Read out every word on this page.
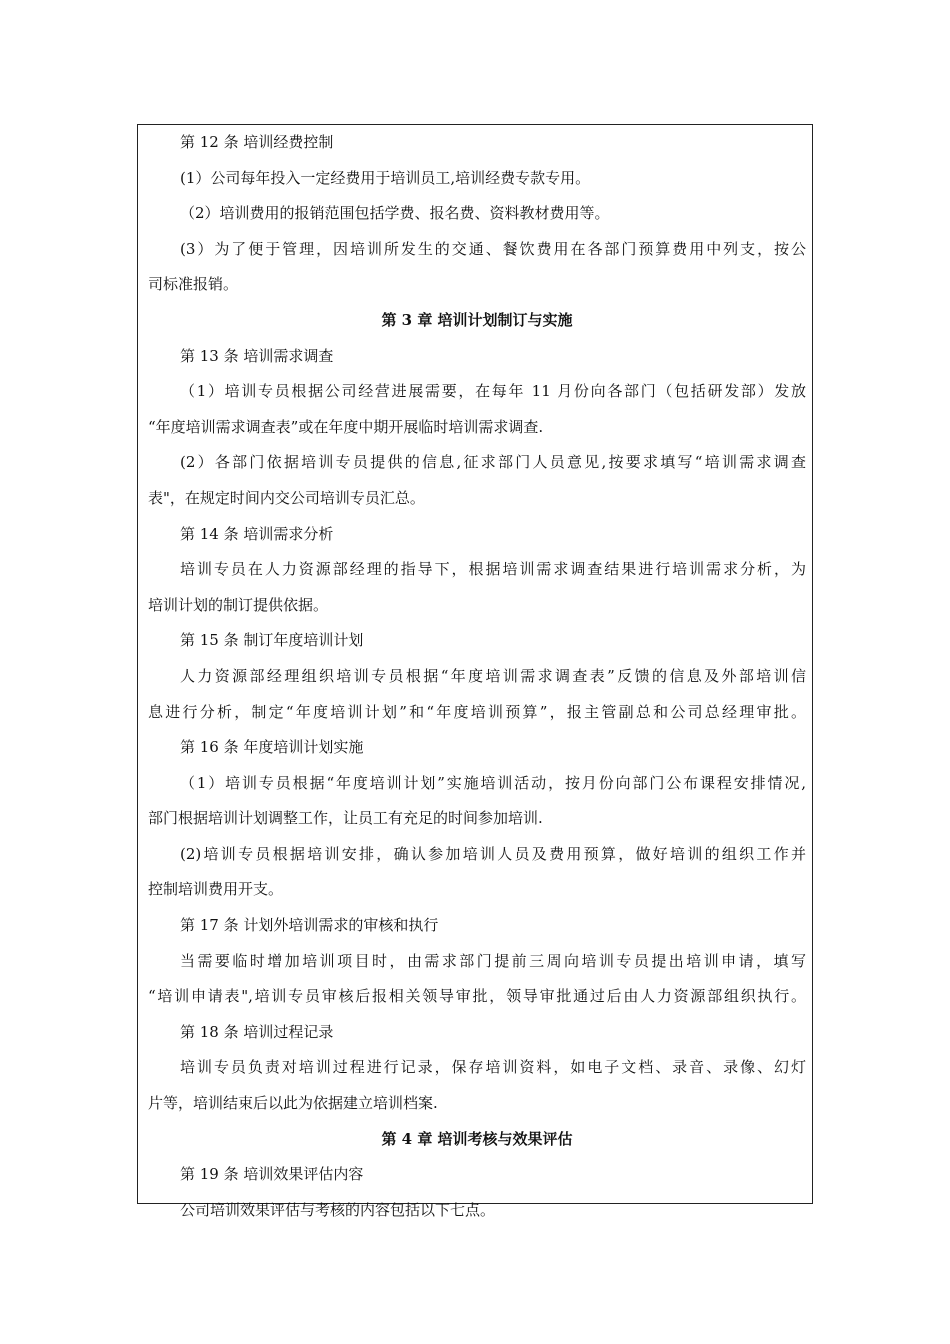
第 12 条 培训经费控制
(1）公司每年投入一定经费用于培训员工,培训经费专款专用。
（2）培训费用的报销范围包括学费、报名费、资料教材费用等。
(3）为了便于管理，因培训所发生的交通、餐饮费用在各部门预算费用中列支，按公
司标准报销。
第 3 章 培训计划制订与实施
第 13 条 培训需求调查
（1）培训专员根据公司经营进展需要，在每年 11 月份向各部门（包括研发部）发放
“年度培训需求调查表”或在年度中期开展临时培训需求调查.
(2）各部门依据培训专员提供的信息,征求部门人员意见,按要求填写“培训需求调查
表"，在规定时间内交公司培训专员汇总。
第 14 条 培训需求分析
培训专员在人力资源部经理的指导下，根据培训需求调查结果进行培训需求分析，为
培训计划的制订提供依据。
第 15 条 制订年度培训计划
人力资源部经理组织培训专员根据“年度培训需求调查表”反馈的信息及外部培训信
息进行分析，制定“年度培训计划”和“年度培训预算”，报主管副总和公司总经理审批。
第 16 条 年度培训计划实施
（1）培训专员根据“年度培训计划”实施培训活动，按月份向部门公布课程安排情况,
部门根据培训计划调整工作，让员工有充足的时间参加培训.
(2)培训专员根据培训安排，确认参加培训人员及费用预算，做好培训的组织工作并
控制培训费用开支。
第 17 条 计划外培训需求的审核和执行
当需要临时增加培训项目时，由需求部门提前三周向培训专员提出培训申请，填写
“培训申请表",培训专员审核后报相关领导审批，领导审批通过后由人力资源部组织执行。
第 18 条 培训过程记录
培训专员负责对培训过程进行记录，保存培训资料，如电子文档、录音、录像、幻灯
片等，培训结束后以此为依据建立培训档案.
第 4 章 培训考核与效果评估
第 19 条 培训效果评估内容
公司培训效果评估与考核的内容包括以下七点。
